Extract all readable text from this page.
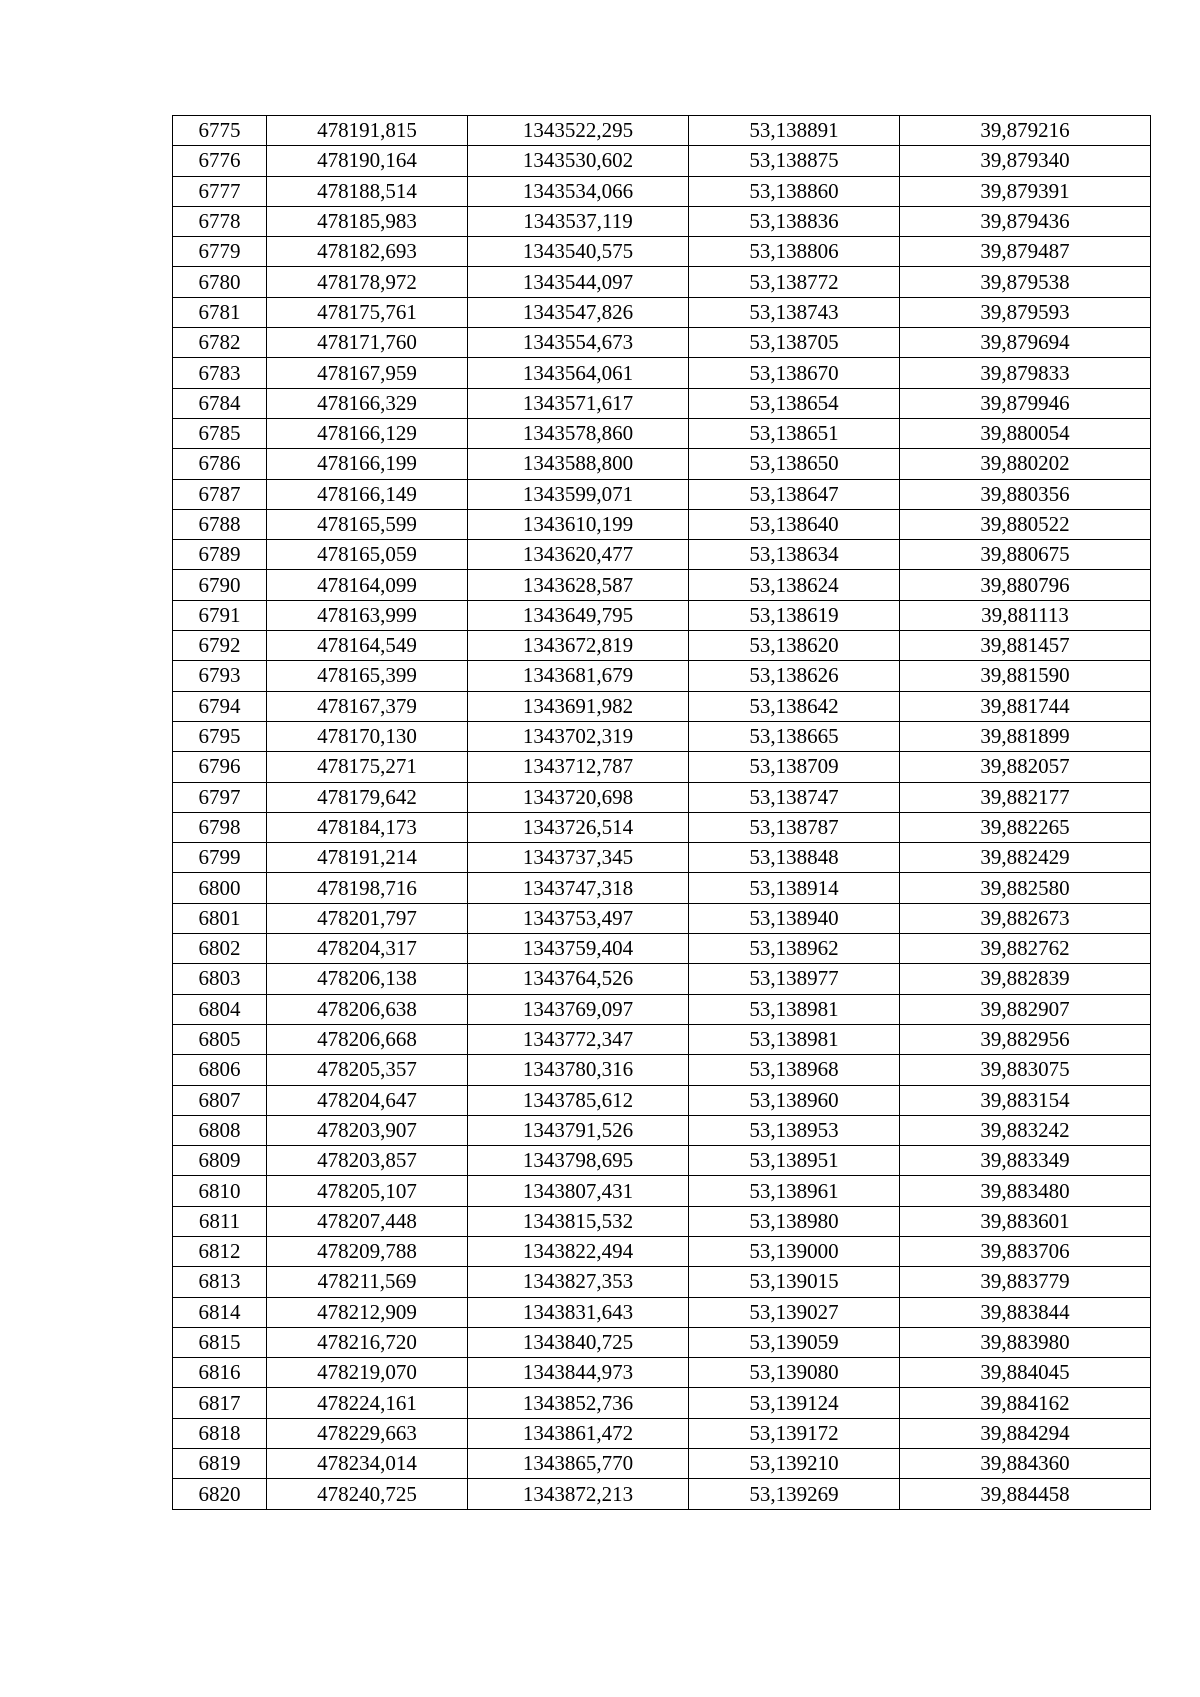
6775	478191,815	1343522,295	53,138891	39,879216
6776	478190,164	1343530,602	53,138875	39,879340
6777	478188,514	1343534,066	53,138860	39,879391
6778	478185,983	1343537,119	53,138836	39,879436
6779	478182,693	1343540,575	53,138806	39,879487
6780	478178,972	1343544,097	53,138772	39,879538
6781	478175,761	1343547,826	53,138743	39,879593
6782	478171,760	1343554,673	53,138705	39,879694
6783	478167,959	1343564,061	53,138670	39,879833
6784	478166,329	1343571,617	53,138654	39,879946
6785	478166,129	1343578,860	53,138651	39,880054
6786	478166,199	1343588,800	53,138650	39,880202
6787	478166,149	1343599,071	53,138647	39,880356
6788	478165,599	1343610,199	53,138640	39,880522
6789	478165,059	1343620,477	53,138634	39,880675
6790	478164,099	1343628,587	53,138624	39,880796
6791	478163,999	1343649,795	53,138619	39,881113
6792	478164,549	1343672,819	53,138620	39,881457
6793	478165,399	1343681,679	53,138626	39,881590
6794	478167,379	1343691,982	53,138642	39,881744
6795	478170,130	1343702,319	53,138665	39,881899
6796	478175,271	1343712,787	53,138709	39,882057
6797	478179,642	1343720,698	53,138747	39,882177
6798	478184,173	1343726,514	53,138787	39,882265
6799	478191,214	1343737,345	53,138848	39,882429
6800	478198,716	1343747,318	53,138914	39,882580
6801	478201,797	1343753,497	53,138940	39,882673
6802	478204,317	1343759,404	53,138962	39,882762
6803	478206,138	1343764,526	53,138977	39,882839
6804	478206,638	1343769,097	53,138981	39,882907
6805	478206,668	1343772,347	53,138981	39,882956
6806	478205,357	1343780,316	53,138968	39,883075
6807	478204,647	1343785,612	53,138960	39,883154
6808	478203,907	1343791,526	53,138953	39,883242
6809	478203,857	1343798,695	53,138951	39,883349
6810	478205,107	1343807,431	53,138961	39,883480
6811	478207,448	1343815,532	53,138980	39,883601
6812	478209,788	1343822,494	53,139000	39,883706
6813	478211,569	1343827,353	53,139015	39,883779
6814	478212,909	1343831,643	53,139027	39,883844
6815	478216,720	1343840,725	53,139059	39,883980
6816	478219,070	1343844,973	53,139080	39,884045
6817	478224,161	1343852,736	53,139124	39,884162
6818	478229,663	1343861,472	53,139172	39,884294
6819	478234,014	1343865,770	53,139210	39,884360
6820	478240,725	1343872,213	53,139269	39,884458
